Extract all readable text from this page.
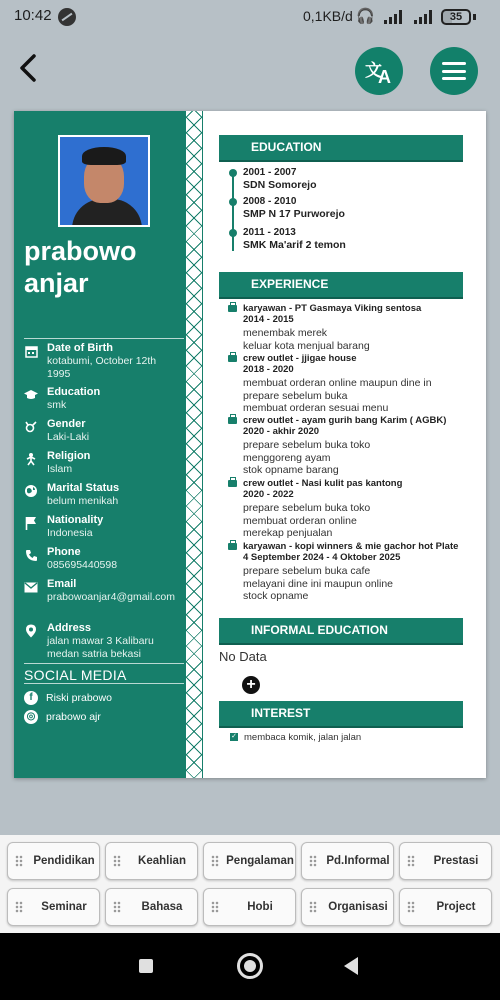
10:42	0,1KB/d 🎧	35
文
A
prabowo
anjar
Date of Birth
kotabumi, October 12th 1995
Education
smk
Gender
Laki-Laki
Religion
Islam
Marital Status
belum menikah
Nationality
Indonesia
Phone
085695440598
Email
prabowoanjar4@gmail.com
Address
jalan mawar 3 Kalibaru medan satria bekasi
SOCIAL MEDIA
f	Riski prabowo
◎ prabowo ajr
EDUCATION
2001 - 2007
SDN Somorejo
2008 - 2010
SMP N 17 Purworejo
2011 - 2013
SMK Ma'arif 2 temon
EXPERIENCE
karyawan - PT Gasmaya Viking sentosa
2014 - 2015
menembak merek
keluar kota menjual barang
crew outlet - jjigae house
2018 - 2020
membuat orderan online maupun dine in
prepare sebelum buka
membuat orderan sesuai menu
crew outlet - ayam gurih bang Karim ( AGBK)
2020 - akhir 2020
prepare sebelum buka toko
menggoreng ayam
stok opname barang
crew outlet - Nasi kulit pas kantong
2020 - 2022
prepare sebelum buka toko
membuat orderan online
merekap penjualan
karyawan - kopi winners & mie gachor hot Plate
4 September 2024 - 4 Oktober 2025
prepare sebelum buka cafe
melayani dine ini maupun online
stock opname
INFORMAL EDUCATION
No Data
+
INTEREST
✓ membaca komik, jalan jalan
Pendidikan	Keahlian	Pengalaman	Pd.Informal	Prestasi
Seminar	Bahasa	Hobi	Organisasi	Project
